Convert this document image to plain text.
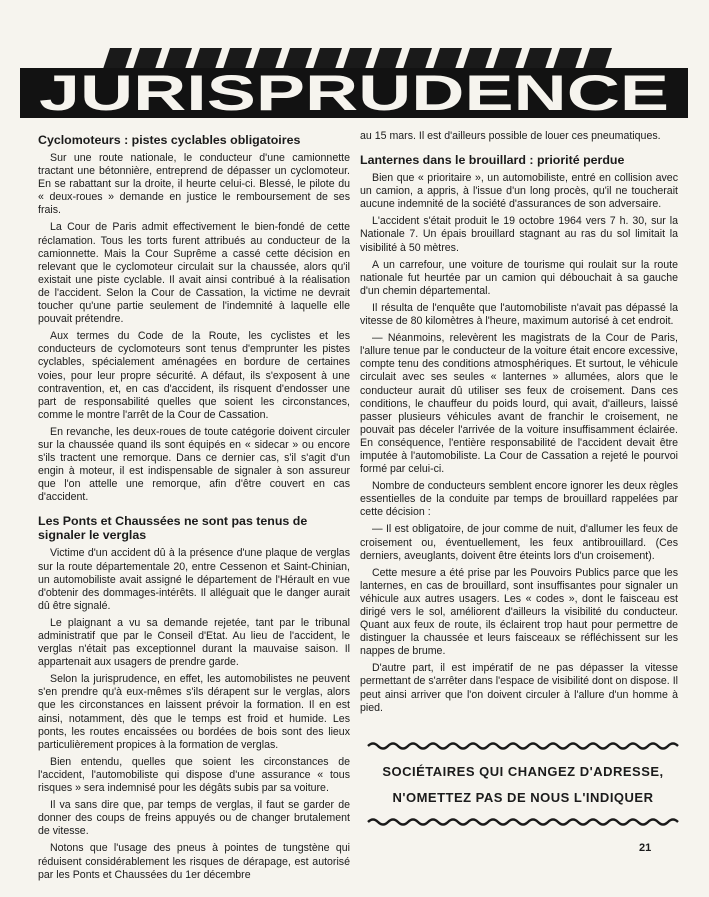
JURISPRUDENCE
Cyclomoteurs : pistes cyclables obligatoires

Sur une route nationale, le conducteur d'une camionnette tractant une bétonnière, entreprend de dépasser un cyclomoteur. En se rabattant sur la droite, il heurte celui-ci. Blessé, le pilote du « deux-roues » demande en justice le remboursement de ses frais.

La Cour de Paris admit effectivement le bien-fondé de cette réclamation. Tous les torts furent attribués au conducteur de la camionnette. Mais la Cour Suprême a cassé cette décision en relevant que le cyclomoteur circulait sur la chaussée, alors qu'il existait une piste cyclable. Il avait ainsi contribué à la réalisation de l'accident. Selon la Cour de Cassation, la victime ne devrait toucher qu'une partie seulement de l'indemnité à laquelle elle pouvait prétendre.

Aux termes du Code de la Route, les cyclistes et les conducteurs de cyclomoteurs sont tenus d'emprunter les pistes cyclables, spécialement aménagées en bordure de certaines voies, pour leur propre sécurité. A défaut, ils s'exposent à une contravention, et, en cas d'accident, ils risquent d'endosser une part de responsabilité quelles que soient les circonstances, comme le montre l'arrêt de la Cour de Cassation.

En revanche, les deux-roues de toute catégorie doivent circuler sur la chaussée quand ils sont équipés en « sidecar » ou encore s'ils tractent une remorque. Dans ce dernier cas, s'il s'agit d'un engin à moteur, il est indispensable de signaler à son assureur que l'on attelle une remorque, afin d'être couvert en cas d'accident.

Les Ponts et Chaussées ne sont pas tenus de signaler le verglas

Victime d'un accident dû à la présence d'une plaque de verglas sur la route départementale 20, entre Cessenon et Saint-Chinian, un automobiliste avait assigné le département de l'Hérault en vue d'obtenir des dommages-intérêts. Il alléguait que le danger aurait dû être signalé.

Le plaignant a vu sa demande rejetée, tant par le tribunal administratif que par le Conseil d'Etat. Au lieu de l'accident, le verglas n'était pas exceptionnel durant la mauvaise saison. Il appartenait aux usagers de prendre garde.

Selon la jurisprudence, en effet, les automobilistes ne peuvent s'en prendre qu'à eux-mêmes s'ils dérapent sur le verglas, alors que les circonstances en laissent prévoir la formation. Il en est ainsi, notamment, dès que le temps est froid et humide. Les ponts, les routes encaissées ou bordées de bois sont des lieux particulièrement propices à la formation de verglas.

Bien entendu, quelles que soient les circonstances de l'accident, l'automobiliste qui dispose d'une assurance « tous risques » sera indemnisé pour les dégâts subis par sa voiture.

Il va sans dire que, par temps de verglas, il faut se garder de donner des coups de freins appuyés ou de changer brutalement de vitesse.

Notons que l'usage des pneus à pointes de tungstène qui réduisent considérablement les risques de dérapage, est autorisé par les Ponts et Chaussées du 1er décembre

au 15 mars. Il est d'ailleurs possible de louer ces pneumatiques.

Lanternes dans le brouillard : priorité perdue

Bien que « prioritaire », un automobiliste, entré en collision avec un camion, a appris, à l'issue d'un long procès, qu'il ne toucherait aucune indemnité de la société d'assurances de son adversaire.

L'accident s'était produit le 19 octobre 1964 vers 7 h. 30, sur la Nationale 7. Un épais brouillard stagnant au ras du sol limitait la visibilité à 50 mètres.

A un carrefour, une voiture de tourisme qui roulait sur la route nationale fut heurtée par un camion qui débouchait à sa gauche d'un chemin départemental.

Il résulta de l'enquête que l'automobiliste n'avait pas dépassé la vitesse de 80 kilomètres à l'heure, maximum autorisé à cet endroit.

— Néanmoins, relevèrent les magistrats de la Cour de Paris, l'allure tenue par le conducteur de la voiture était encore excessive, compte tenu des conditions atmosphériques. Et surtout, le véhicule circulait avec ses seules « lanternes » allumées, alors que le conducteur aurait dû utiliser ses feux de croisement. Dans ces conditions, le chauffeur du poids lourd, qui avait, d'ailleurs, laissé passer plusieurs véhicules avant de franchir le croisement, ne pouvait pas déceler l'arrivée de la voiture insuffisamment éclairée. En conséquence, l'entière responsabilité de l'accident devait être imputée à l'automobiliste. La Cour de Cassation a rejeté le pourvoi formé par celui-ci.

Nombre de conducteurs semblent encore ignorer les deux règles essentielles de la conduite par temps de brouillard rappelées par cette décision :

— Il est obligatoire, de jour comme de nuit, d'allumer les feux de croisement ou, éventuellement, les feux antibrouillard. (Ces derniers, aveuglants, doivent être éteints lors d'un croisement).

Cette mesure a été prise par les Pouvoirs Publics parce que les lanternes, en cas de brouillard, sont insuffisantes pour signaler un véhicule aux autres usagers. Les « codes », dont le faisceau est dirigé vers le sol, améliorent d'ailleurs la visibilité du conducteur. Quant aux feux de route, ils éclairent trop haut pour permettre de distinguer la chaussée et leurs faisceaux se réfléchissent sur les nappes de brume.

D'autre part, il est impératif de ne pas dépasser la vitesse permettant de s'arrêter dans l'espace de visibilité dont on dispose. Il peut ainsi arriver que l'on doivent circuler à l'allure d'un homme à pied.

SOCIÉTAIRES QUI CHANGEZ D'ADRESSE,
N'OMETTEZ PAS DE NOUS L'INDIQUER
21
